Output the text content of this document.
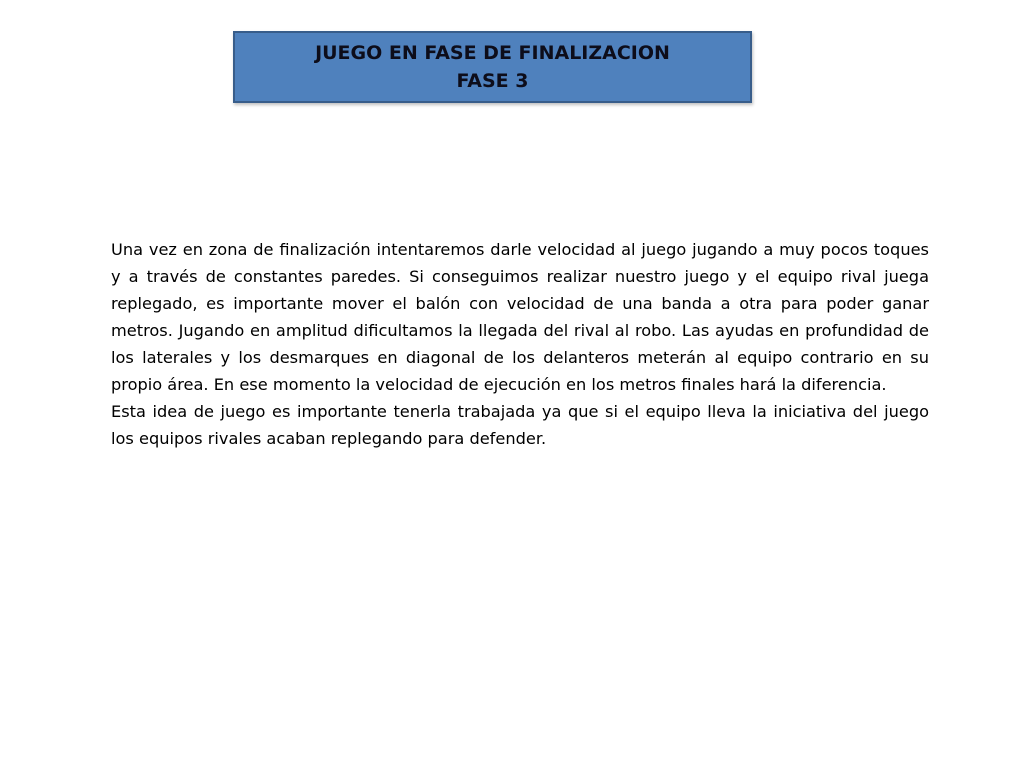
JUEGO EN FASE DE FINALIZACION
FASE 3

Una vez en zona de finalización intentaremos darle velocidad al juego jugando a muy pocos toques y a través de constantes paredes. Si conseguimos realizar nuestro juego y el equipo rival juega replegado, es importante mover el balón con velocidad de una banda a otra para poder ganar metros. Jugando en amplitud dificultamos la llegada del rival al robo. Las ayudas en profundidad de los laterales y los desmarques en diagonal de los delanteros meterán al equipo contrario en su propio área. En ese momento la velocidad de ejecución en los metros finales hará la diferencia.

Esta idea de juego es importante tenerla trabajada ya que si el equipo lleva la iniciativa del juego los equipos rivales acaban replegando para defender.
